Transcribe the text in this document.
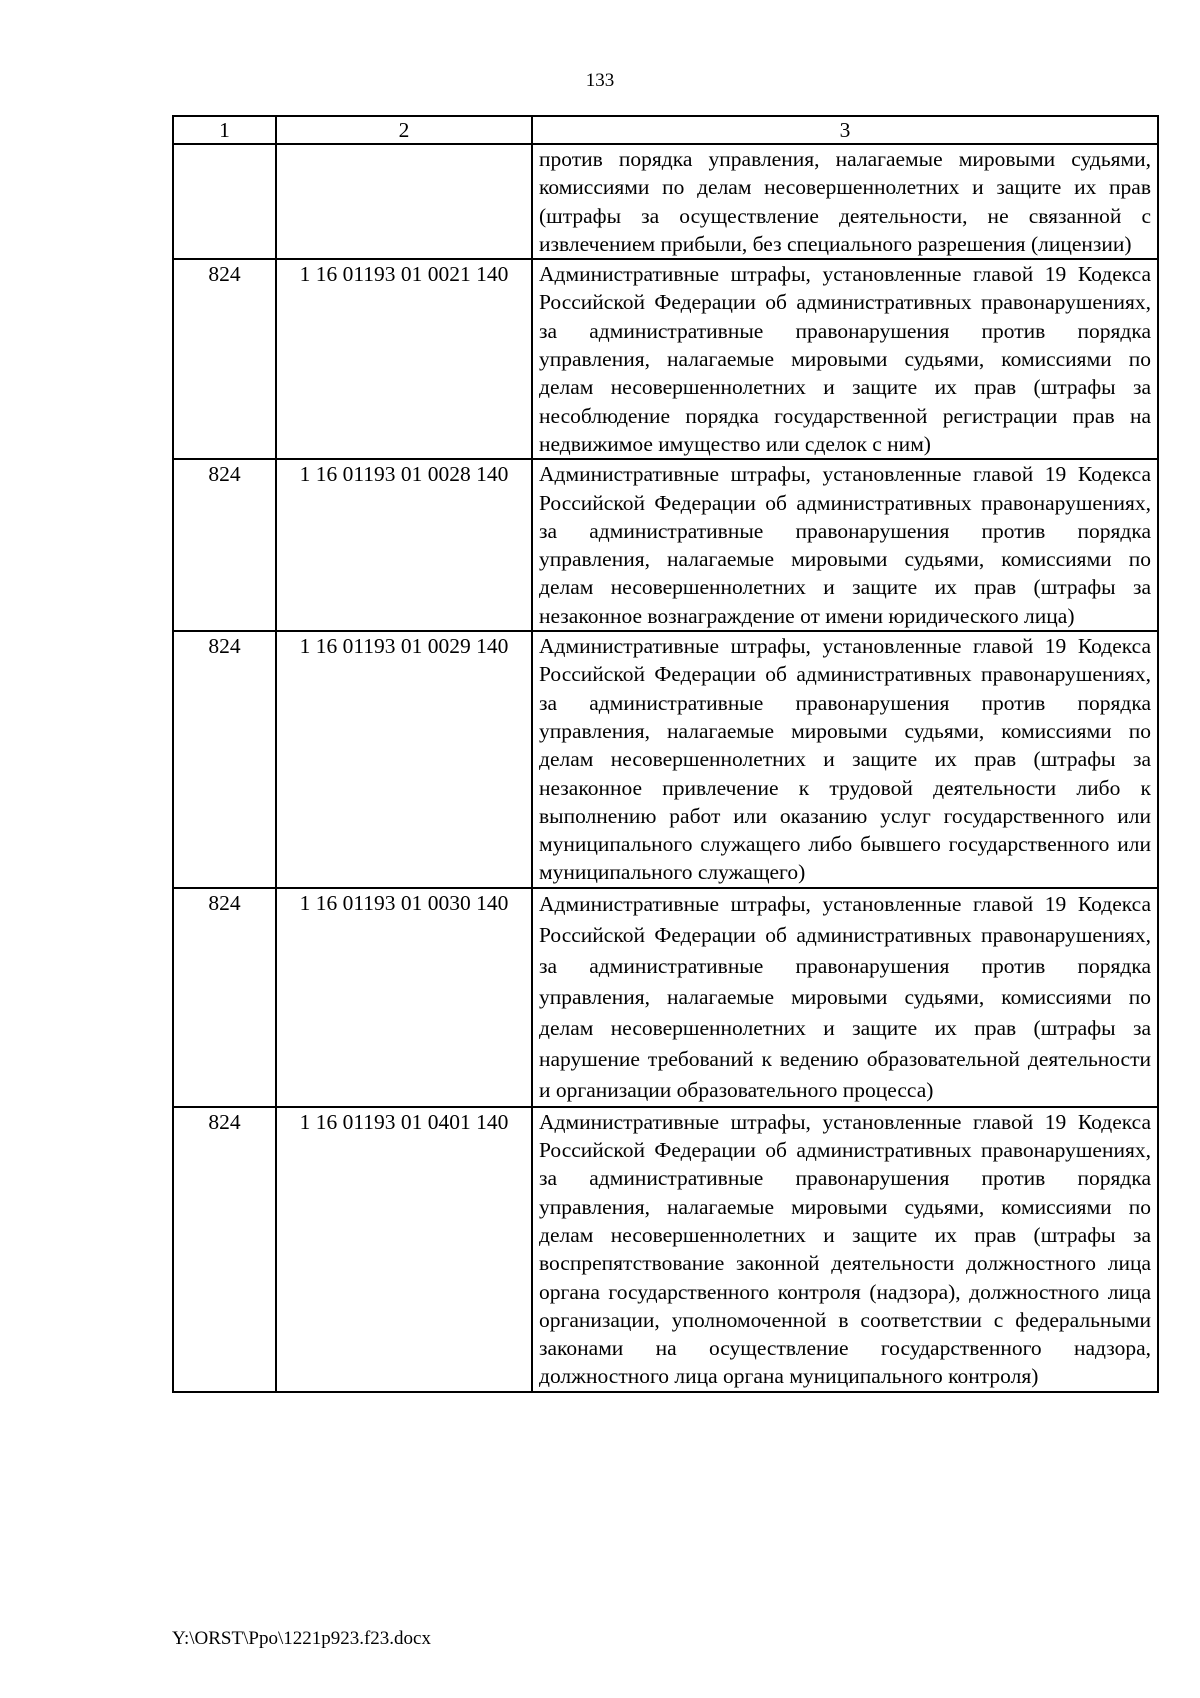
133
1	2	3
		против порядка управления, налагаемые мировыми судьями, комиссиями по делам несовершеннолетних и защите их прав (штрафы за осуществление деятельности, не связанной с извлечением прибыли, без специального разрешения (лицензии)
824	1 16 01193 01 0021 140	Административные штрафы, установленные главой 19 Кодекса Российской Федерации об административных правонарушениях, за административные правонарушения против порядка управления, налагаемые мировыми судьями, комиссиями по делам несовершеннолетних и защите их прав (штрафы за несоблюдение порядка государственной регистрации прав на недвижимое имущество или сделок с ним)
824	1 16 01193 01 0028 140	Административные штрафы, установленные главой 19 Кодекса Российской Федерации об административных правонарушениях, за административные правонарушения против порядка управления, налагаемые мировыми судьями, комиссиями по делам несовершеннолетних и защите их прав (штрафы за незаконное вознаграждение от имени юридического лица)
824	1 16 01193 01 0029 140	Административные штрафы, установленные главой 19 Кодекса Российской Федерации об административных правонарушениях, за административные правонарушения против порядка управления, налагаемые мировыми судьями, комиссиями по делам несовершеннолетних и защите их прав (штрафы за незаконное привлечение к трудовой деятельности либо к выполнению работ или оказанию услуг государственного или муниципального служащего либо бывшего государственного или муниципального служащего)
824	1 16 01193 01 0030 140	Административные штрафы, установленные главой 19 Кодекса Российской Федерации об административных правонарушениях, за административные правонарушения против порядка управления, налагаемые мировыми судьями, комиссиями по делам несовершеннолетних и защите их прав (штрафы за нарушение требований к ведению образовательной деятельности и организации образовательного процесса)
824	1 16 01193 01 0401 140	Административные штрафы, установленные главой 19 Кодекса Российской Федерации об административных правонарушениях, за административные правонарушения против порядка управления, налагаемые мировыми судьями, комиссиями по делам несовершеннолетних и защите их прав (штрафы за воспрепятствование законной деятельности должностного лица органа государственного контроля (надзора), должностного лица организации, уполномоченной в соответствии с федеральными законами на осуществление государственного надзора, должностного лица органа муниципального контроля)
Y:\ORST\Ppo\1221p923.f23.docx
